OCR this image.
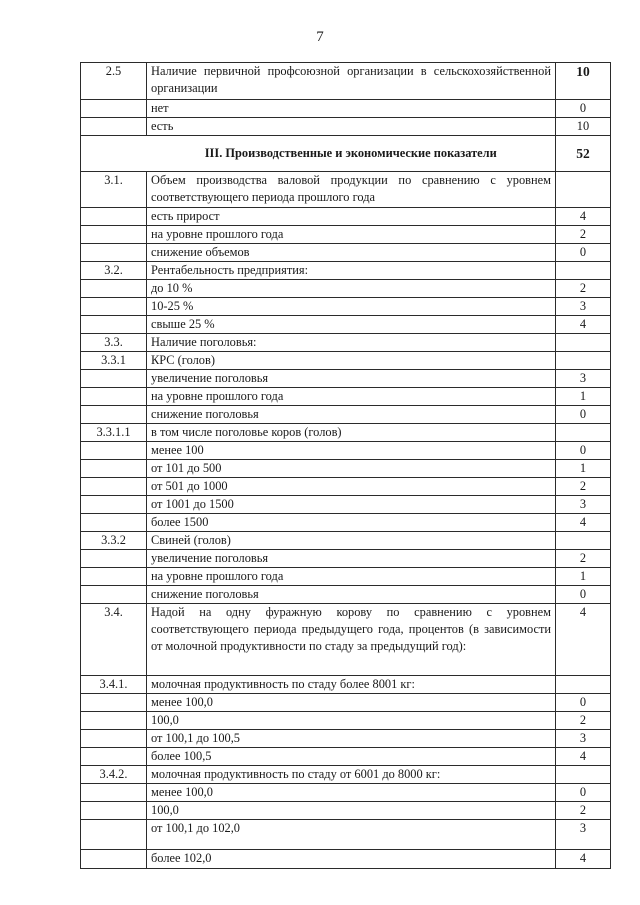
7
2.5	Наличие первичной профсоюзной организации в сельскохозяйственной организации	10
	нет	0
	есть	10
	III. Производственные и экономические показатели	52
3.1.	Объем производства валовой продукции по сравнению с уровнем соответствующего периода прошлого года	
	есть прирост	4
	на уровне прошлого года	2
	снижение объемов	0
3.2.	Рентабельность предприятия:	
	до 10 %	2
	10-25 %	3
	свыше 25 %	4
3.3.	Наличие поголовья:	
3.3.1	КРС (голов)	
	увеличение поголовья	3
	на уровне прошлого года	1
	снижение поголовья	0
3.3.1.1	в том числе поголовье коров (голов)	
	менее 100	0
	от 101 до 500	1
	от 501 до 1000	2
	от 1001 до 1500	3
	более 1500	4
3.3.2	Свиней (голов)	
	увеличение поголовья	2
	на уровне прошлого года	1
	снижение поголовья	0
3.4.	Надой на одну фуражную корову по сравнению с уровнем соответствующего периода предыдущего года, процентов (в зависимости от молочной продуктивности по стаду за предыдущий год):	4
3.4.1.	молочная продуктивность по стаду более 8001 кг:	
	менее 100,0	0
	100,0	2
	от 100,1 до 100,5	3
	более 100,5	4
3.4.2.	молочная продуктивность по стаду от 6001 до 8000 кг:	
	менее 100,0	0
	100,0	2
	от 100,1 до 102,0	3
	более 102,0	4
